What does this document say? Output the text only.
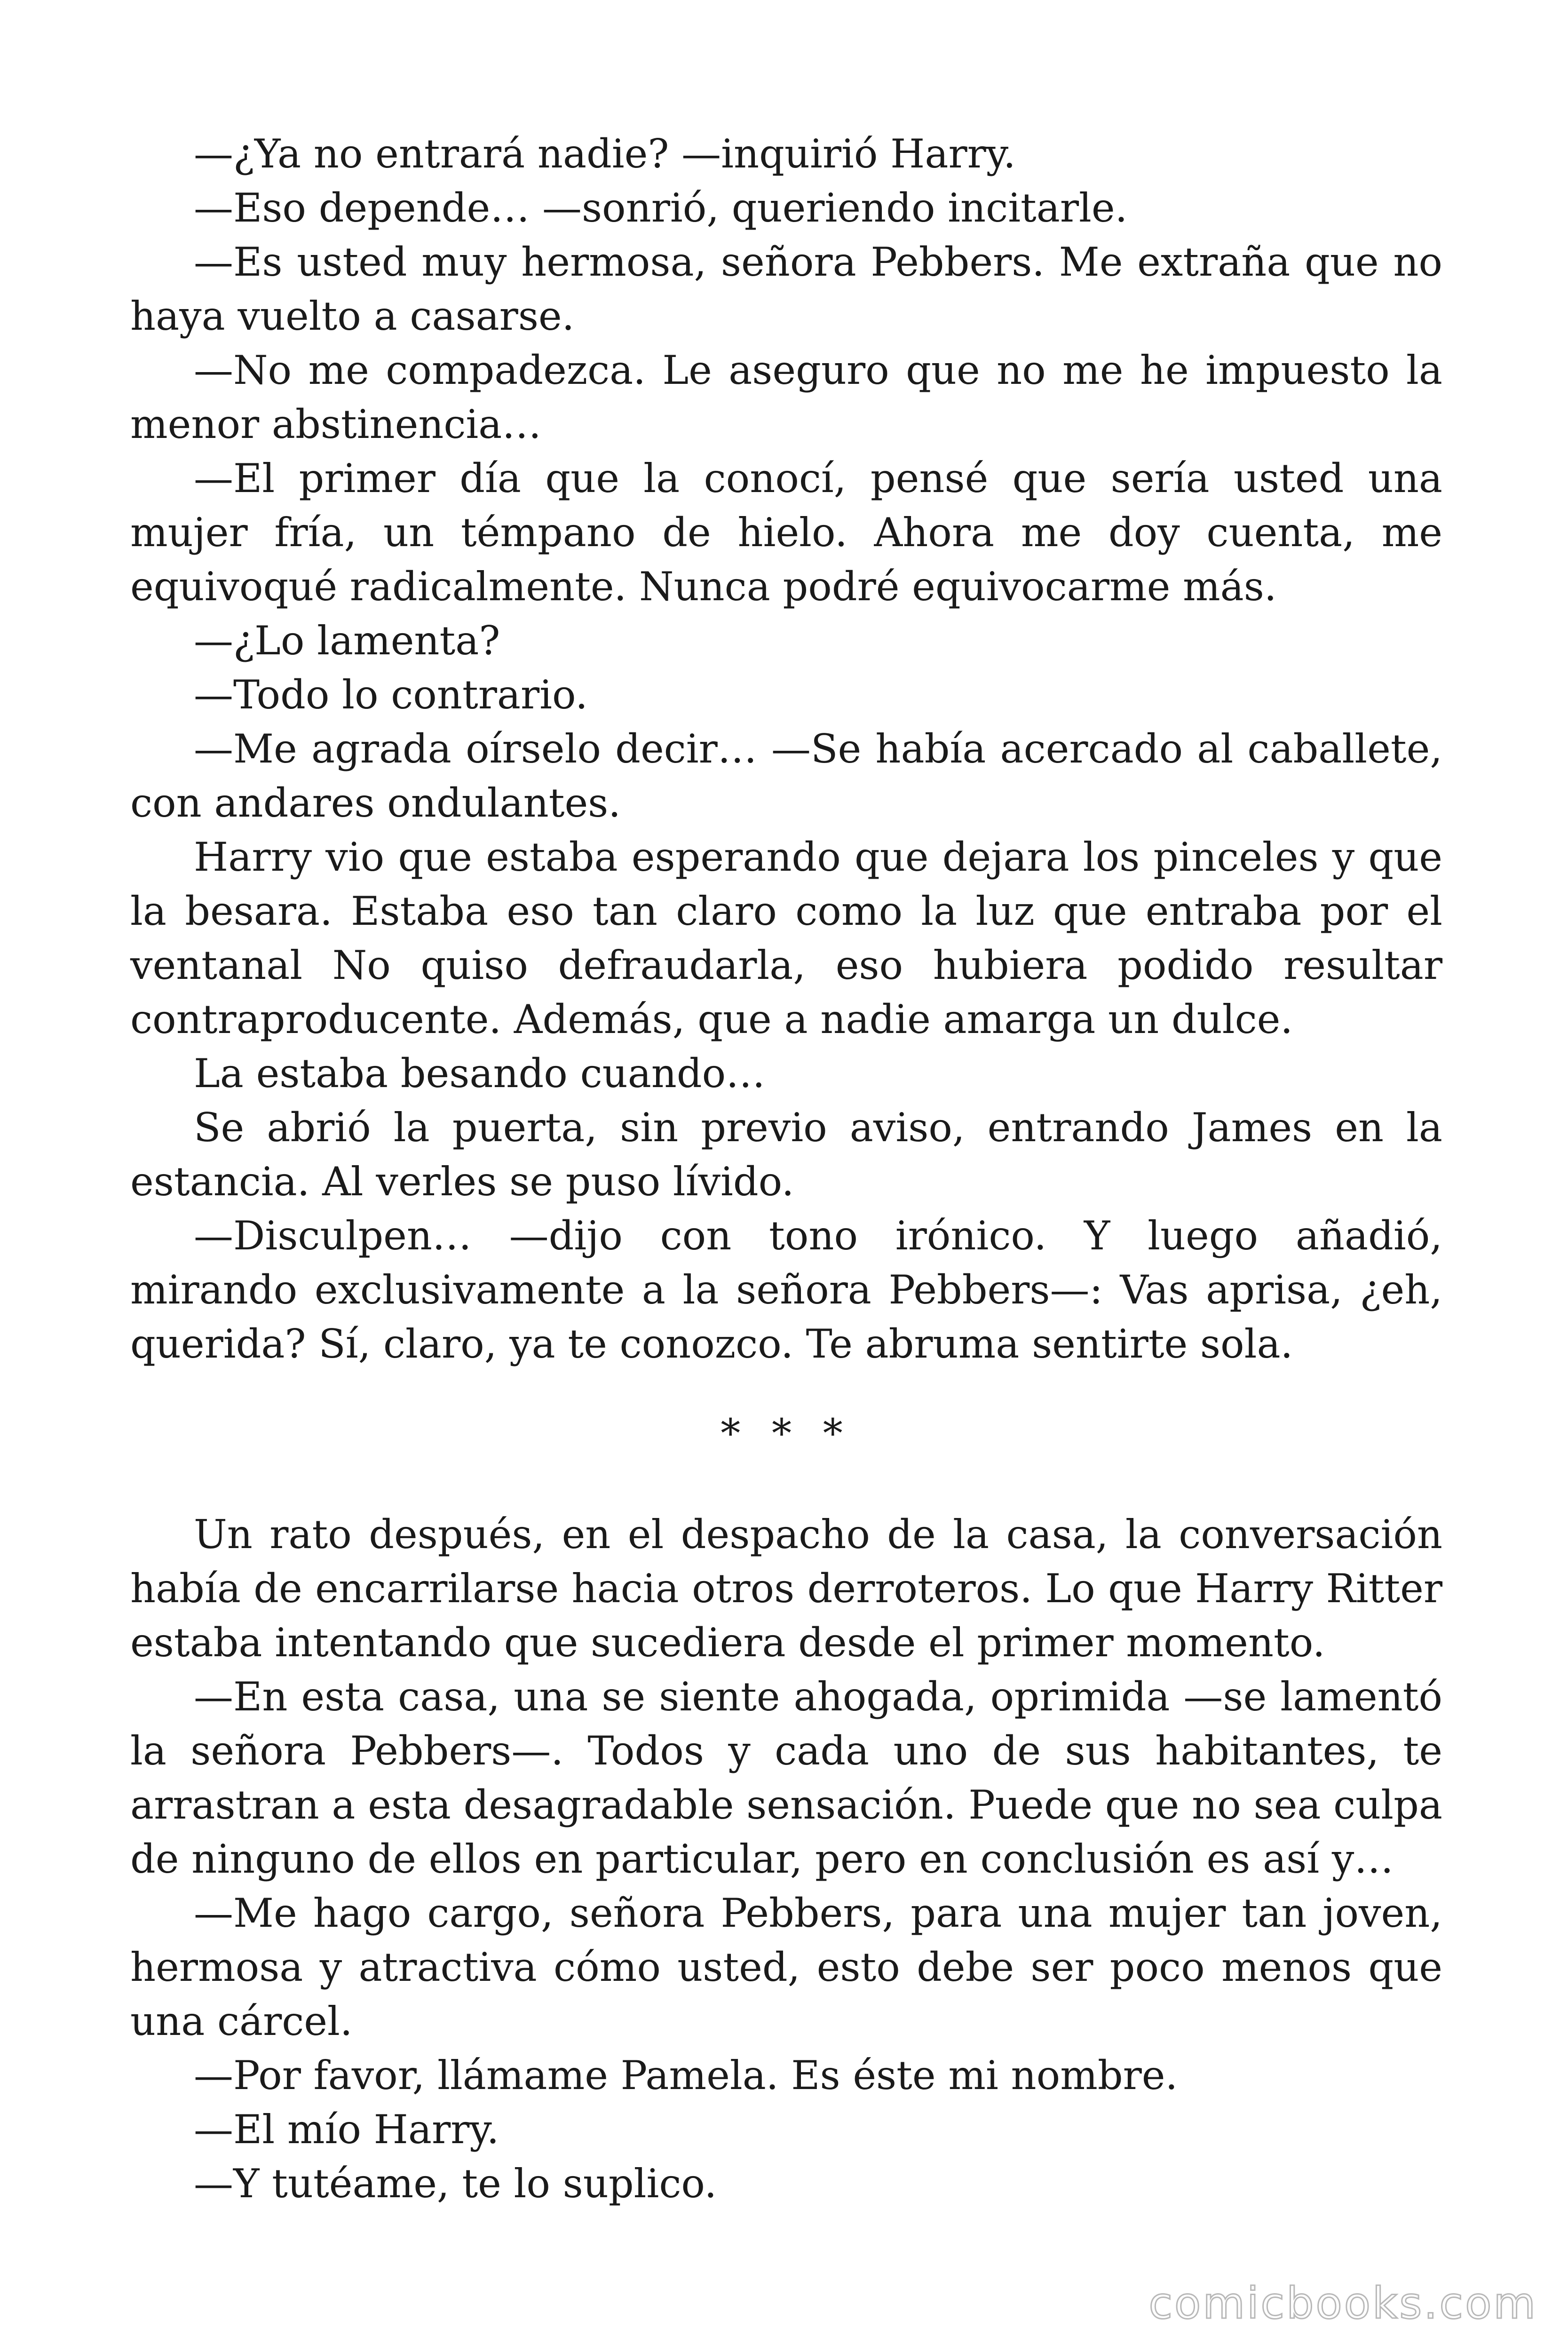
—¿Ya no entrará nadie? —inquirió Harry.

—Eso depende… —sonrió, queriendo incitarle.

—Es usted muy hermosa, señora Pebbers. Me extraña que no haya vuelto a casarse.

—No me compadezca. Le aseguro que no me he impuesto la menor abstinencia…

—El primer día que la conocí, pensé que sería usted una mujer fría, un témpano de hielo. Ahora me doy cuenta, me equivoqué radicalmente. Nunca podré equivocarme más.

—¿Lo lamenta?

—Todo lo contrario.

—Me agrada oírselo decir… —Se había acercado al caballete, con andares ondulantes.

Harry vio que estaba esperando que dejara los pinceles y que la besara. Estaba eso tan claro como la luz que entraba por el ventanal No quiso defraudarla, eso hubiera podido resultar contraproducente. Además, que a nadie amarga un dulce.

La estaba besando cuando…

Se abrió la puerta, sin previo aviso, entrando James en la estancia. Al verles se puso lívido.

—Disculpen… —dijo con tono irónico. Y luego añadió, mirando exclusivamente a la señora Pebbers—: Vas aprisa, ¿eh, querida? Sí, claro, ya te conozco. Te abruma sentirte sola.

* * *

Un rato después, en el despacho de la casa, la conversación había de encarrilarse hacia otros derroteros. Lo que Harry Ritter estaba intentando que sucediera desde el primer momento.

—En esta casa, una se siente ahogada, oprimida —se lamentó la señora Pebbers—. Todos y cada uno de sus habitantes, te arrastran a esta desagradable sensación. Puede que no sea culpa de ninguno de ellos en particular, pero en conclusión es así y…

—Me hago cargo, señora Pebbers, para una mujer tan joven, hermosa y atractiva cómo usted, esto debe ser poco menos que una cárcel.

—Por favor, llámame Pamela. Es éste mi nombre.

—El mío Harry.

—Y tutéame, te lo suplico.

comicbooks.com
